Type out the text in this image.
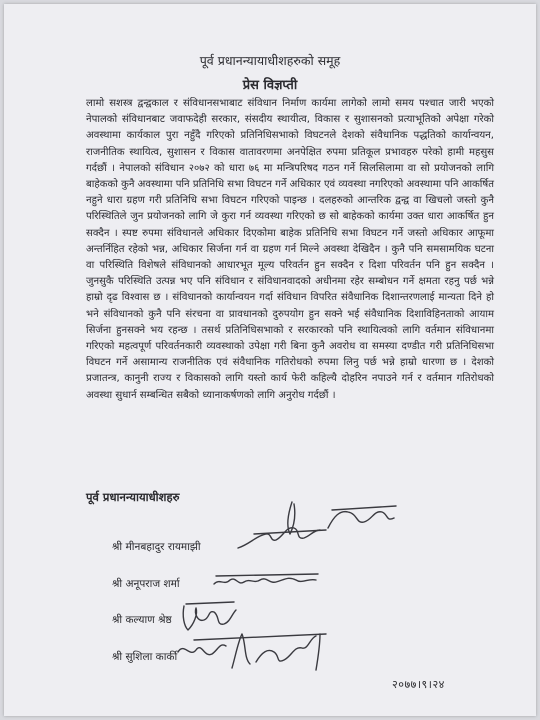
पूर्व प्रधानन्यायाधीशहरुको समूह
प्रेस विज्ञप्ती

लामो सशस्त्र द्वन्द्वकाल र संविधानसभाबाट संविधान निर्माण कार्यमा लागेको लामो समय पश्चात जारी भएको नेपालको संविधानबाट जवाफदेही सरकार, संसदीय स्थायीत्व, विकास र सुशासनको प्रत्याभूतिको अपेक्षा गरेको अवस्थामा कार्यकाल पुरा नहुँदै गरिएको प्रतिनिधिसभाको विघटनले देशको संवैधानिक पद्धतिको कार्यान्वयन, राजनीतिक स्थायित्व, सुशासन र विकास वातावरणमा अनपेक्षित रुपमा प्रतिकूल प्रभावहरु परेको हामी महसुस गर्दछौं । नेपालको संविधान २०७२ को धारा ७६ मा मन्त्रिपरिषद गठन गर्ने सिलसिलामा वा सो प्रयोजनको लागि बाहेकको कुनै अवस्थामा पनि प्रतिनिधि सभा विघटन गर्ने अधिकार एवं व्यवस्था नगरिएको अवस्थामा पनि आकर्षित नहुने धारा ग्रहण गरी प्रतिनिधि सभा विघटन गरिएको पाइन्छ । दलहरुको आन्तरिक द्वन्द्व वा खिचलो जस्तो कुनै परिस्थितिले जुन प्रयोजनको लागि जे कुरा गर्न व्यवस्था गरिएको छ सो बाहेकको कार्यमा उक्त धारा आकर्षित हुन सक्दैन । स्पष्ट रुपमा संविधानले अधिकार दिएकोमा बाहेक प्रतिनिधि सभा विघटन गर्ने जस्तो अधिकार आफूमा अन्तर्निहित रहेको भन्न, अधिकार सिर्जना गर्न वा ग्रहण गर्न मिल्ने अवस्था देखिदैन । कुनै पनि समसामयिक घटना वा परिस्थिति विशेषले संविधानको आधारभूत मूल्य परिवर्तन हुन सक्दैन र दिशा परिवर्तन पनि हुन सक्दैन । जुनसुकै परिस्थिति उत्पन्न भए पनि संविधान र संविधानवादको अधीनमा रहेर सम्बोधन गर्ने क्षमता रहनु पर्छ भन्ने हाम्रो दृढ विश्वास छ । संविधानको कार्यान्वयन गर्दा संविधान विपरित संवैधानिक दिशान्तरणलाई मान्यता दिने हो भने संविधानको कुनै पनि संरचना वा प्रावधानको दुरुपयोग हुन सक्ने भई संवैधानिक दिशाविहिनताको आयाम सिर्जना हुनसक्ने भय रहन्छ । तसर्थ प्रतिनिधिसभाको र सरकारको पनि स्थायित्वको लागि वर्तमान संविधानमा गरिएको महत्वपूर्ण परिवर्तनकारी व्यवस्थाको उपेक्षा गरी बिना कुनै अवरोध वा समस्या दण्डीत गरी प्रतिनिधिसभा विघटन गर्ने असामान्य राजनीतिक एवं संवैधानिक गतिरोधको रुपमा लिनु पर्छ भन्ने हाम्रो धारणा छ । देशको प्रजातन्त्र, कानुनी राज्य र विकासको लागि यस्तो कार्य फेरी कहिल्यै दोहरिन नपाउने गर्न र वर्तमान गतिरोधको अवस्था सुधार्न सम्बन्धित सबैको ध्यानाकर्षणको लागि अनुरोध गर्दछौं ।

पूर्व प्रधानन्यायाधीशहरु
श्री मीनबहादुर रायमाझी
श्री अनूपराज शर्मा
श्री कल्याण श्रेष्ठ
श्री सुशिला कार्की
२०७७।९।२४
